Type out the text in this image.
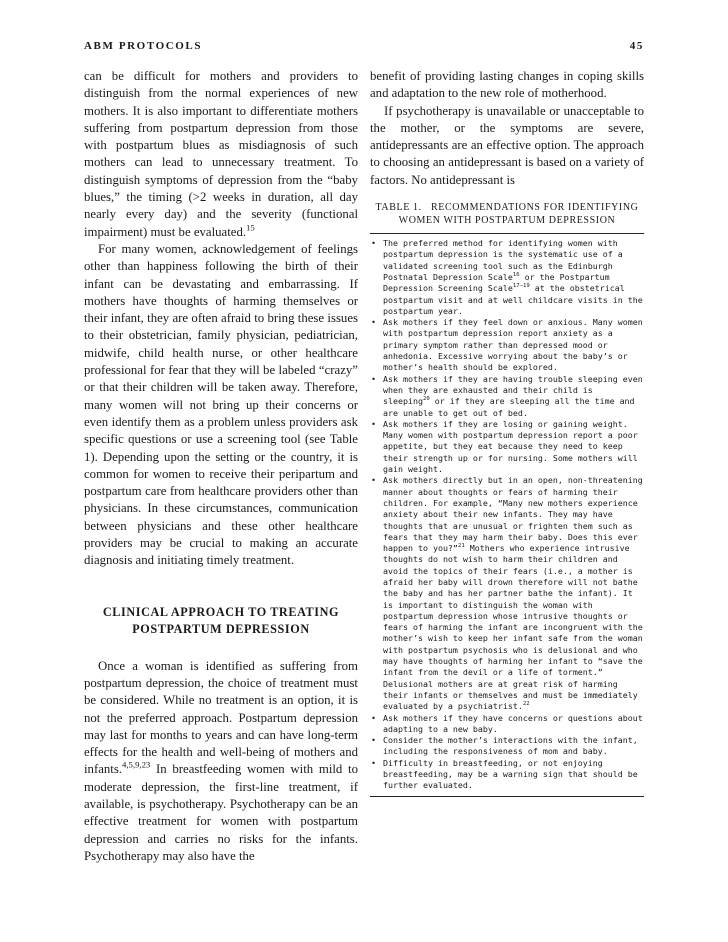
ABM PROTOCOLS	45

can be difficult for mothers and providers to distinguish from the normal experiences of new mothers. It is also important to differentiate mothers suffering from postpartum depression from those with postpartum blues as misdiagnosis of such mothers can lead to unnecessary treatment. To distinguish symptoms of depression from the “baby blues,” the timing (>2 weeks in duration, all day nearly every day) and the severity (functional impairment) must be evaluated.$^{15}$

For many women, acknowledgement of feelings other than happiness following the birth of their infant can be devastating and embarrassing. If mothers have thoughts of harming themselves or their infant, they are often afraid to bring these issues to their obstetrician, family physician, pediatrician, midwife, child health nurse, or other healthcare professional for fear that they will be labeled “crazy” or that their children will be taken away. Therefore, many women will not bring up their concerns or even identify them as a problem unless providers ask specific questions or use a screening tool (see Table 1). Depending upon the setting or the country, it is common for women to receive their peripartum and postpartum care from healthcare providers other than physicians. In these circumstances, communication between physicians and these other healthcare providers may be crucial to making an accurate diagnosis and initiating timely treatment.

CLINICAL APPROACH TO TREATING POSTPARTUM DEPRESSION

Once a woman is identified as suffering from postpartum depression, the choice of treatment must be considered. While no treatment is an option, it is not the preferred approach. Postpartum depression may last for months to years and can have long-term effects for the health and well-being of mothers and infants.$^{4,5,9,23}$ In breastfeeding women with mild to moderate depression, the first-line treatment, if available, is psychotherapy. Psychotherapy can be an effective treatment for women with postpartum depression and carries no risks for the infants. Psychotherapy may also have the

benefit of providing lasting changes in coping skills and adaptation to the new role of motherhood.

If psychotherapy is unavailable or unacceptable to the mother, or the symptoms are severe, antidepressants are an effective option. The approach to choosing an antidepressant is based on a variety of factors. No antidepressant is

TABLE 1. RECOMMENDATIONS FOR IDENTIFYING WOMEN WITH POSTPARTUM DEPRESSION
• The preferred method for identifying women with postpartum depression is the systematic use of a validated screening tool such as the Edinburgh Postnatal Depression Scale$^{16}$ or the Postpartum Depression Screening Scale$^{17-19}$ at the obstetrical postpartum visit and at well childcare visits in the postpartum year.
• Ask mothers if they feel down or anxious. Many women with postpartum depression report anxiety as a primary symptom rather than depressed mood or anhedonia. Excessive worrying about the baby’s or mother’s health should be explored.
• Ask mothers if they are having trouble sleeping even when they are exhausted and their child is sleeping$^{20}$ or if they are sleeping all the time and are unable to get out of bed.
• Ask mothers if they are losing or gaining weight. Many women with postpartum depression report a poor appetite, but they eat because they need to keep their strength up or for nursing. Some mothers will gain weight.
• Ask mothers directly but in an open, non-threatening manner about thoughts or fears of harming their children. For example, “Many new mothers experience anxiety about their new infants. They may have thoughts that are unusual or frighten them such as fears that they may harm their baby. Does this ever happen to you?”$^{21}$ Mothers who experience intrusive thoughts do not wish to harm their children and avoid the topics of their fears (i.e., a mother is afraid her baby will drown therefore will not bathe the baby and has her partner bathe the infant). It is important to distinguish the woman with postpartum depression whose intrusive thoughts or fears of harming the infant are incongruent with the mother’s wish to keep her infant safe from the woman with postpartum psychosis who is delusional and who may have thoughts of harming her infant to “save the infant from the devil or a life of torment.” Delusional mothers are at great risk of harming their infants or themselves and must be immediately evaluated by a psychiatrist.$^{22}$
• Ask mothers if they have concerns or questions about adapting to a new baby.
• Consider the mother’s interactions with the infant, including the responsiveness of mom and baby.
• Difficulty in breastfeeding, or not enjoying breastfeeding, may be a warning sign that should be further evaluated.
